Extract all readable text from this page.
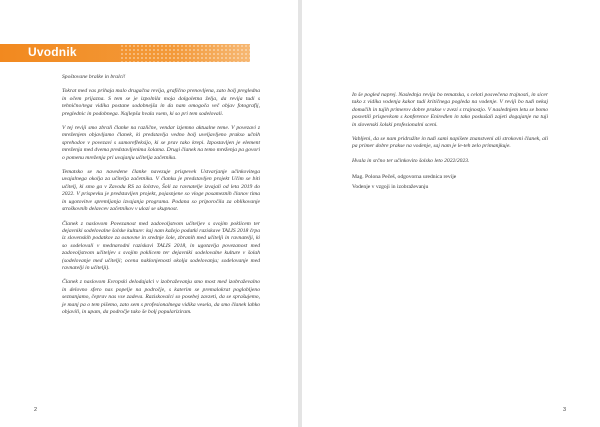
Uvodnik

Spoštovane bralke in bralci!

Tokrat med vas prihaja malo drugačna revija, grafično prenovljena, zato bolj pregledna in očem prijazna. S tem se je izpolnila moja dolgoletna želja, da revija tudi s tehnično/tega vidika postane sodobnejša in da nam omogoča več objav fotografij, preglednic in podobnega. Najlepša hvala vsem, ki so pri tem sodelovali.

V tej reviji smo zbrali članke na različne, vendar izjemno aktualne teme. V povezavi z mreženjem objavljamo članek, ki predstavlja vedno bolj uveljavljeno prakso učnih sprehodov v povezavi s samorefleksijo, ki se prav tako krepi. Izpostavljen je element mreženja med dvema predstavljenima šolama. Drugi članek na temo mreženja pa govori o pomenu mreženja pri uvajanju učitelja začetnika.

Tematsko se na navedene članke navezuje prispevek Ustvarjanje učinkovitega uvajalnega okolja za učitelja začetnika. V članku je predstavljen projekt Učim se biti učitelj, ki smo ga v Zavodu RS za šolstvo, Šoli za ravnatelje izvajali od leta 2019 do 2022. V prispevku je predstavljen projekt, pojasnjene so vloge posameznih članov tima in ugotovitve spremljanja izvajanja programa. Podana so priporočila za oblikovanje stroškovnih delavcev začetnikov v ulozi se skupnost.

Članek z naslovom Povezanost med zadovoljstvom učiteljev s svojim poklicem ter dejavniki sodelovalne šolske kulture: kaj nam kažejo podatki raziskave TALIS 2018 črpa iz slovenskih podatkov za osnovne in srednje šole, zbranih med učitelji in ravnatelji, ki so sodelovali v mednarodni raziskavi TALIS 2018, in ugotavlja povezanost med zadovoljstvom učiteljev s svojim poklicem ter dejavniki sodelovalne kulture v šolah (sodelovanje med učitelji; ocena naklonjenosti okolja sodelovanju; sodelovanje med ravnatelji in učitelji).

Članek z naslovom Evropski delodajalci v izobraževanju smo most med izobraževalno in delovno sfero nas popelje na področje, s katerim se premalokrat poglobljeno seznanjamo, čeprav nas vse zadeva. Raziskovalci so posebej zavzeti, da se sprašujemo, je manj pa o tem pišemo, zato sem s profesionalnega vidika vesela, da smo članek lahko objavili, in upam, da področje tako še bolj populariziram.

2

In še pogled naprej. Naslednja revija bo tematska, s celoti posvečena trajnosti, in sicer tako z vidika vodenja kakor tudi kritičnega pogleda na vodenje. V reviji bo tudi nekaj domačih in tujih primerov dobre prakse v zvezi s trajnostjo. V naslednjem letu se bomo posvetili prispevkom s konference Eniredlen in tako poskušali zajeti dogajanje na tuji in slovenski šolski profesionalni sceni.

Vabljeni, da se nam pridružite in tudi sami napišete znanstveni ali strokovni članek, ali pa primer dobre prakse na vodenje, saj nam je le-teh zelo primanjkuje.

Hvala in srčno ter učinkovito šolsko leto 2022/2023.

Mag. Polona Pečeš, odgovorna urednica revije

Vodenje v vzgoji in izobraževanju

3
